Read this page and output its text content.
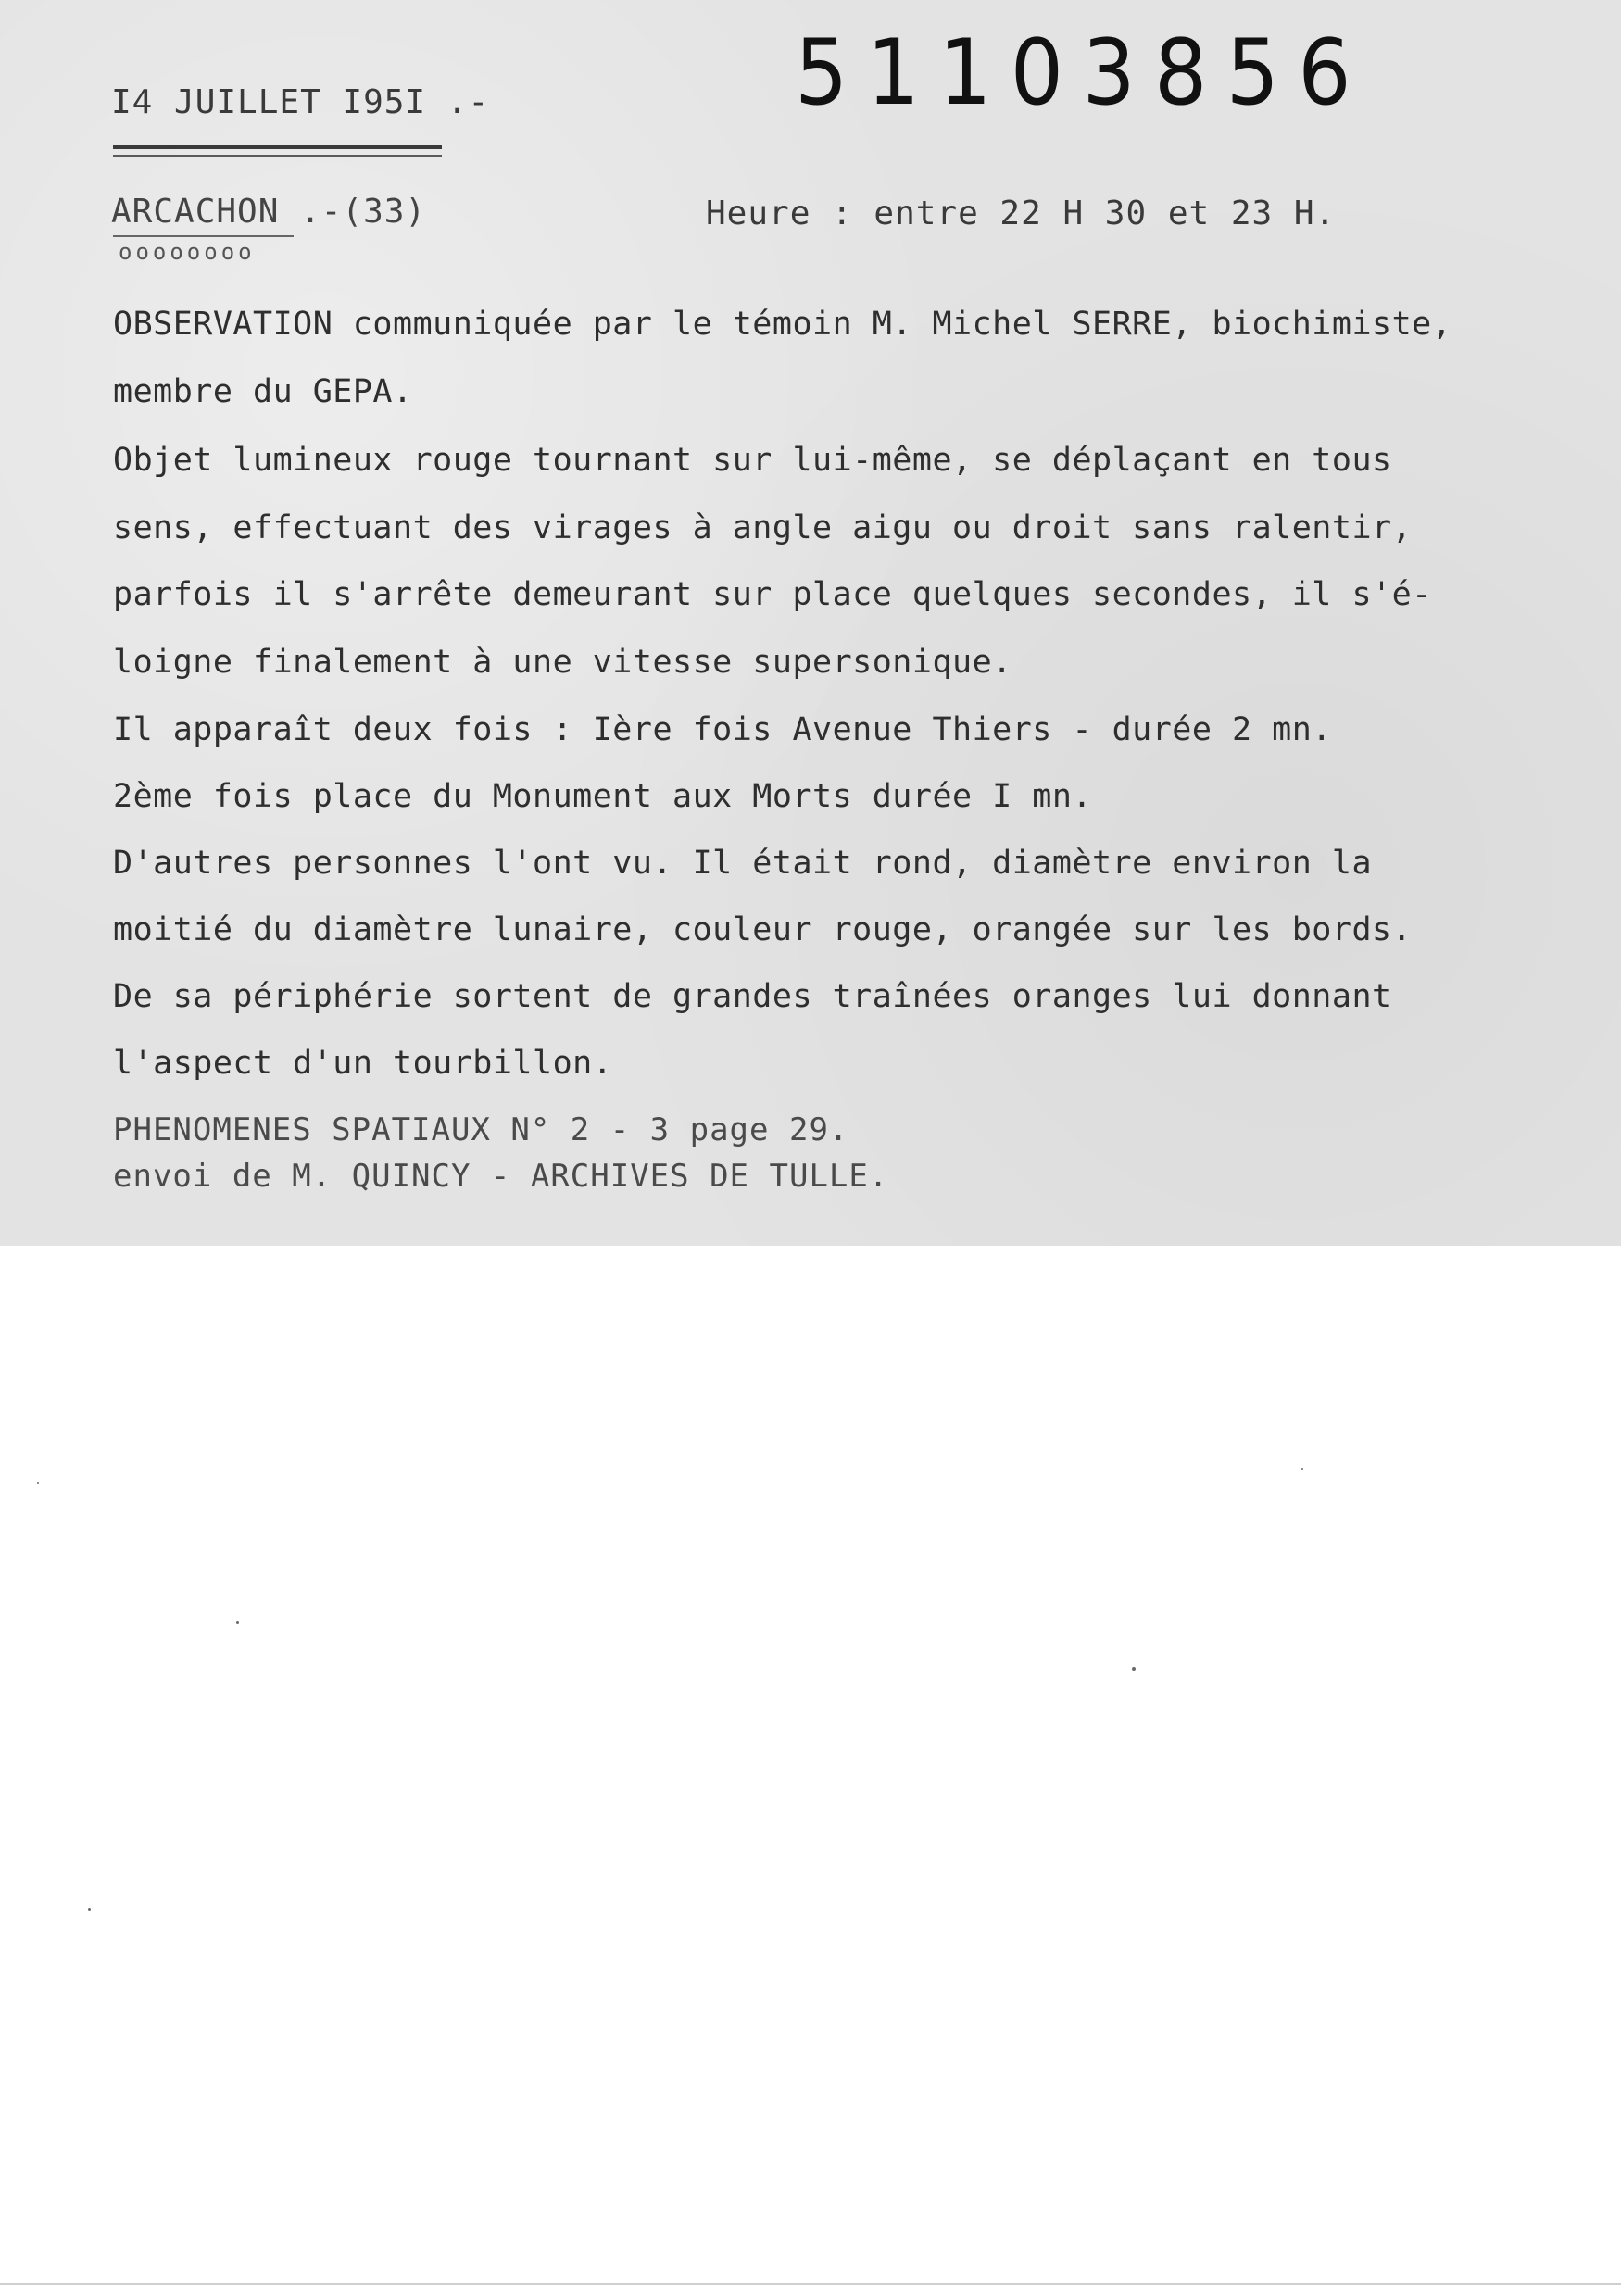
I4 JUILLET I95I .-	51103856
ARCACHON .-(33)
oooooooo
Heure : entre 22 H 30 et 23 H.
OBSERVATION communiquée par le témoin M. Michel SERRE, biochimiste,
membre du GEPA.
Objet lumineux rouge tournant sur lui-même, se déplaçant en tous
sens, effectuant des virages à angle aigu ou droit sans ralentir,
parfois il s'arrête demeurant sur place quelques secondes, il s'é-
loigne finalement à une vitesse supersonique.
Il apparaît deux fois : Ière fois Avenue Thiers - durée 2 mn.
2ème fois place du Monument aux Morts durée I mn.
D'autres personnes l'ont vu. Il était rond, diamètre environ la
moitié du diamètre lunaire, couleur rouge, orangée sur les bords.
De sa périphérie sortent de grandes traînées oranges lui donnant
l'aspect d'un tourbillon.
PHENOMENES SPATIAUX N° 2 - 3 page 29.
envoi de M. QUINCY - ARCHIVES DE TULLE.
